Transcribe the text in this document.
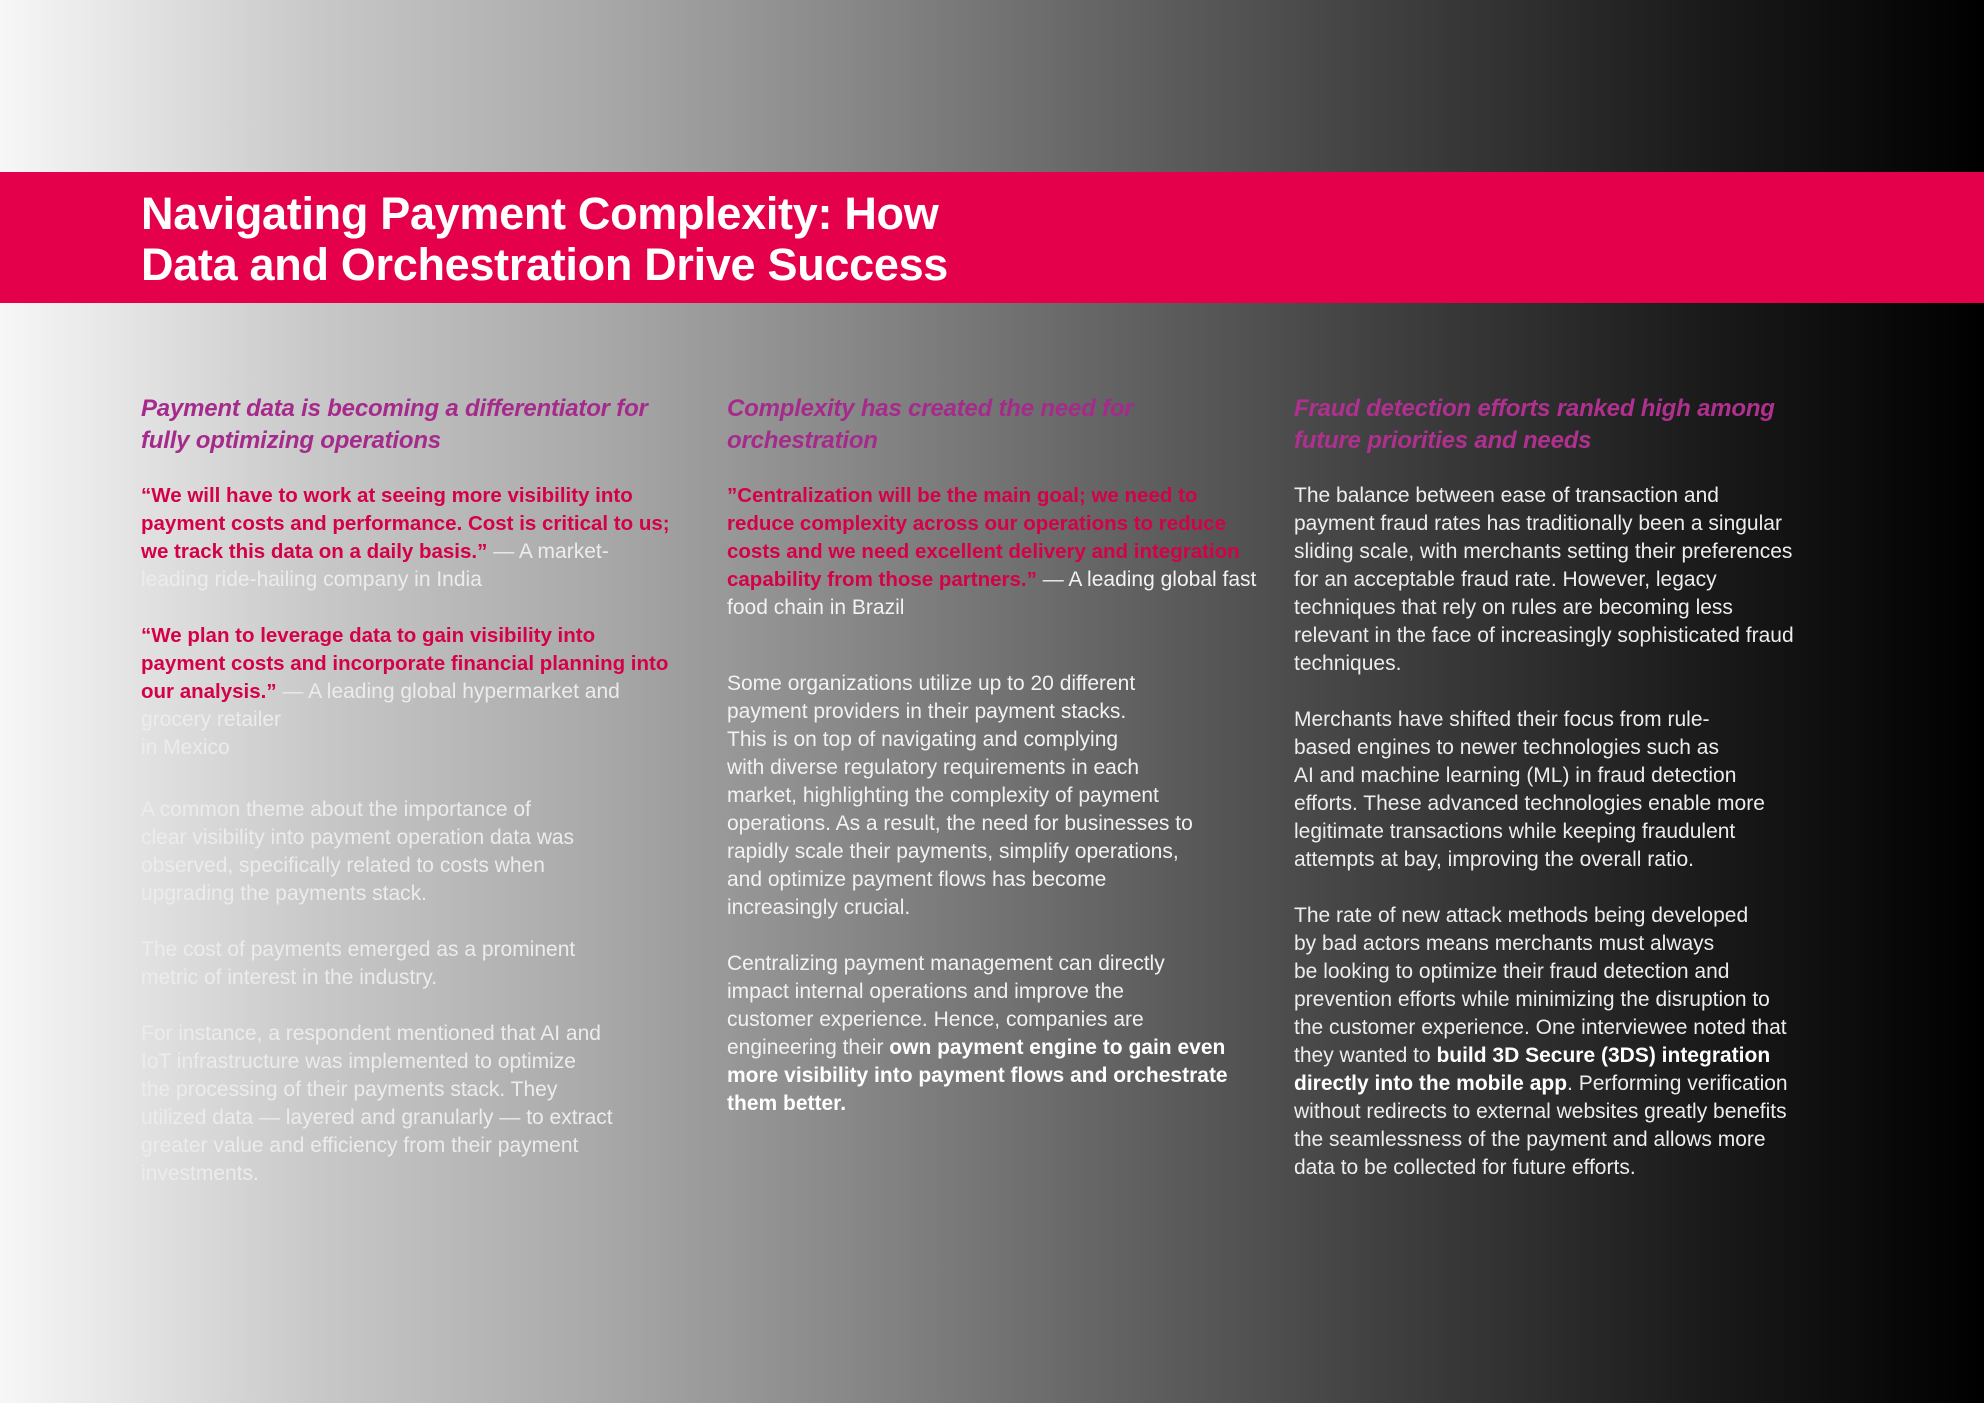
Navigating Payment Complexity: How
Data and Orchestration Drive Success
Payment data is becoming a differentiator for fully optimizing operations

“We will have to work at seeing more visibility into payment costs and performance. Cost is critical to us; we track this data on a daily basis.” — A market-leading ride-hailing company in India

“We plan to leverage data to gain visibility into payment costs and incorporate financial planning into our analysis.” — A leading global hypermarket and grocery retailer
in Mexico

A common theme about the importance of
clear visibility into payment operation data was
observed, specifically related to costs when
upgrading the payments stack.

The cost of payments emerged as a prominent
metric of interest in the industry.

For instance, a respondent mentioned that AI and
IoT infrastructure was implemented to optimize
the processing of their payments stack. They
utilized data — layered and granularly — to extract
greater value and efficiency from their payment
investments.

Complexity has created the need for orchestration

”Centralization will be the main goal; we need to reduce complexity across our operations to reduce costs and we need excellent delivery and integration capability from those partners.” — A leading global fast food chain in Brazil

Some organizations utilize up to 20 different
payment providers in their payment stacks.
This is on top of navigating and complying
with diverse regulatory requirements in each
market, highlighting the complexity of payment
operations. As a result, the need for businesses to
rapidly scale their payments, simplify operations,
and optimize payment flows has become
increasingly crucial.

Centralizing payment management can directly
impact internal operations and improve the
customer experience. Hence, companies are
engineering their own payment engine to gain even more visibility into payment flows and orchestrate them better.

Fraud detection efforts ranked high among future priorities and needs

The balance between ease of transaction and
payment fraud rates has traditionally been a singular
sliding scale, with merchants setting their preferences
for an acceptable fraud rate. However, legacy
techniques that rely on rules are becoming less
relevant in the face of increasingly sophisticated fraud
techniques.

Merchants have shifted their focus from rule-
based engines to newer technologies such as
AI and machine learning (ML) in fraud detection
efforts. These advanced technologies enable more
legitimate transactions while keeping fraudulent
attempts at bay, improving the overall ratio.

The rate of new attack methods being developed
by bad actors means merchants must always
be looking to optimize their fraud detection and
prevention efforts while minimizing the disruption to
the customer experience. One interviewee noted that
they wanted to build 3D Secure (3DS) integration directly into the mobile app. Performing verification
without redirects to external websites greatly benefits
the seamlessness of the payment and allows more
data to be collected for future efforts.
